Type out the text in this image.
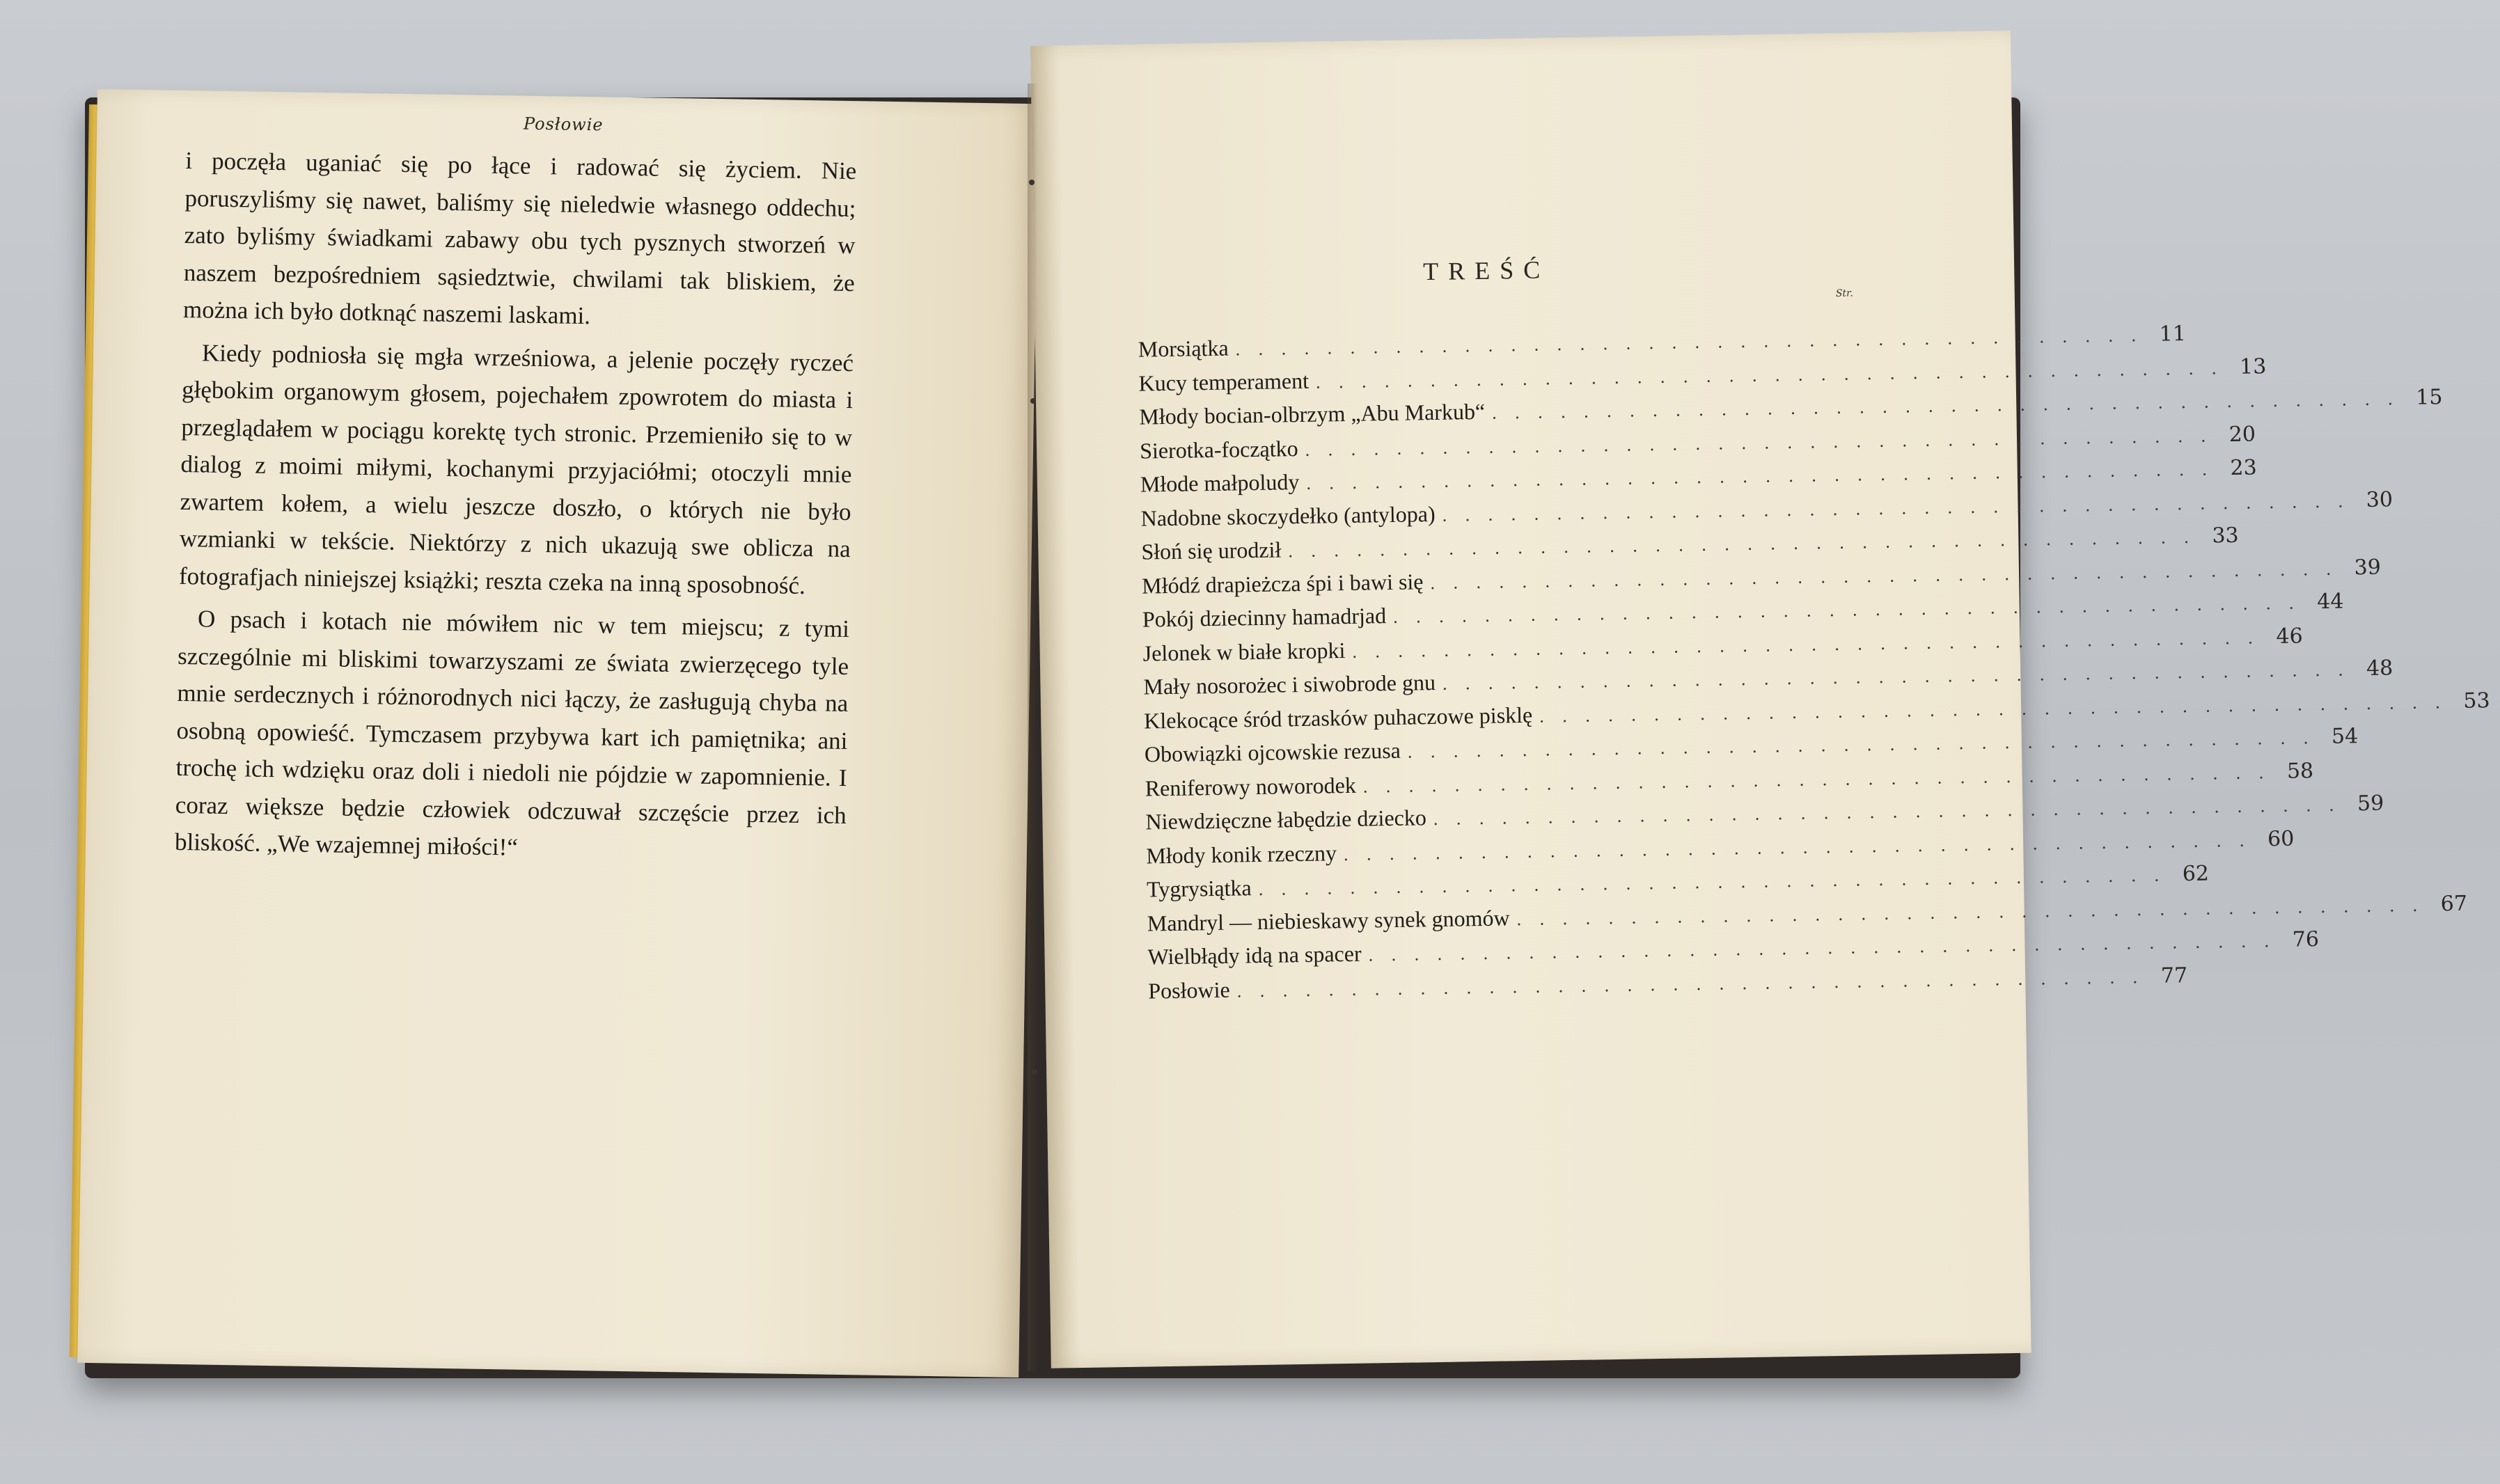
Posłowie

i poczęła uganiać się po łące i radować się życiem. Nie poruszyliśmy się nawet, baliśmy się nieledwie własnego oddechu; zato byliśmy świadkami zabawy obu tych pysznych stworzeń w naszem bezpośredniem sąsiedztwie, chwilami tak bliskiem, że można ich było dotknąć naszemi laskami.

Kiedy podniosła się mgła wrześniowa, a jelenie poczęły ryczeć głębokim organowym głosem, pojechałem zpowrotem do miasta i przeglądałem w pociągu korektę tych stronic. Przemieniło się to w dialog z moimi miłymi, kochanymi przyjaciółmi; otoczyli mnie zwartem kołem, a wielu jeszcze doszło, o których nie było wzmianki w tekście. Niektórzy z nich ukazują swe oblicza na fotografjach niniejszej książki; reszta czeka na inną sposobność.

O psach i kotach nie mówiłem nic w tem miejscu; z tymi szczególnie mi bliskimi towarzyszami ze świata zwierzęcego tyle mnie serdecznych i różnorodnych nici łączy, że zasługują chyba na osobną opowieść. Tymczasem przybywa kart ich pamiętnika; ani trochę ich wdzięku oraz doli i niedoli nie pójdzie w zapomnienie. I coraz większe będzie człowiek odczuwał szczęście przez ich bliskość. „We wzajemnej miłości!“

TREŚĆ
Str.
Morsiątka . . . . . . . . . . . . . . . . . . . . . . . . . . . . . . . . . . . . . . . . 11
Kucy temperament . . . . . . . . . . . . . . . . . . . . . . . . . . . . . . . . . . . . . . . . 13
Młody bocian-olbrzym „Abu Markub“ . . . . . . . . . . . . . . . . . . . . . . . . . . . . . . . . . . . . . . . . 15
Sierotka-foczątko . . . . . . . . . . . . . . . . . . . . . . . . . . . . . . . . . . . . . . . . 20
Młode małpoludy . . . . . . . . . . . . . . . . . . . . . . . . . . . . . . . . . . . . . . . . 23
Nadobne skoczydełko (antylopa) . . . . . . . . . . . . . . . . . . . . . . . . . . . . . . . . . . . . . . . . 30
Słoń się urodził . . . . . . . . . . . . . . . . . . . . . . . . . . . . . . . . . . . . . . . . 33
Młódź drapieżcza śpi i bawi się . . . . . . . . . . . . . . . . . . . . . . . . . . . . . . . . . . . . . . . . 39
Pokój dziecinny hamadrjad . . . . . . . . . . . . . . . . . . . . . . . . . . . . . . . . . . . . . . . . 44
Jelonek w białe kropki . . . . . . . . . . . . . . . . . . . . . . . . . . . . . . . . . . . . . . . . 46
Mały nosorożec i siwobrode gnu . . . . . . . . . . . . . . . . . . . . . . . . . . . . . . . . . . . . . . . . 48
Klekocące śród trzasków puhaczowe pisklę . . . . . . . . . . . . . . . . . . . . . . . . . . . . . . . . . . . . . . . . 53
Obowiązki ojcowskie rezusa . . . . . . . . . . . . . . . . . . . . . . . . . . . . . . . . . . . . . . . . 54
Reniferowy noworodek . . . . . . . . . . . . . . . . . . . . . . . . . . . . . . . . . . . . . . . . 58
Niewdzięczne łabędzie dziecko . . . . . . . . . . . . . . . . . . . . . . . . . . . . . . . . . . . . . . . . 59
Młody konik rzeczny . . . . . . . . . . . . . . . . . . . . . . . . . . . . . . . . . . . . . . . . 60
Tygrysiątka . . . . . . . . . . . . . . . . . . . . . . . . . . . . . . . . . . . . . . . . 62
Mandryl — niebieskawy synek gnomów . . . . . . . . . . . . . . . . . . . . . . . . . . . . . . . . . . . . . . . . 67
Wielbłądy idą na spacer . . . . . . . . . . . . . . . . . . . . . . . . . . . . . . . . . . . . . . . . 76
Posłowie . . . . . . . . . . . . . . . . . . . . . . . . . . . . . . . . . . . . . . . . 77
